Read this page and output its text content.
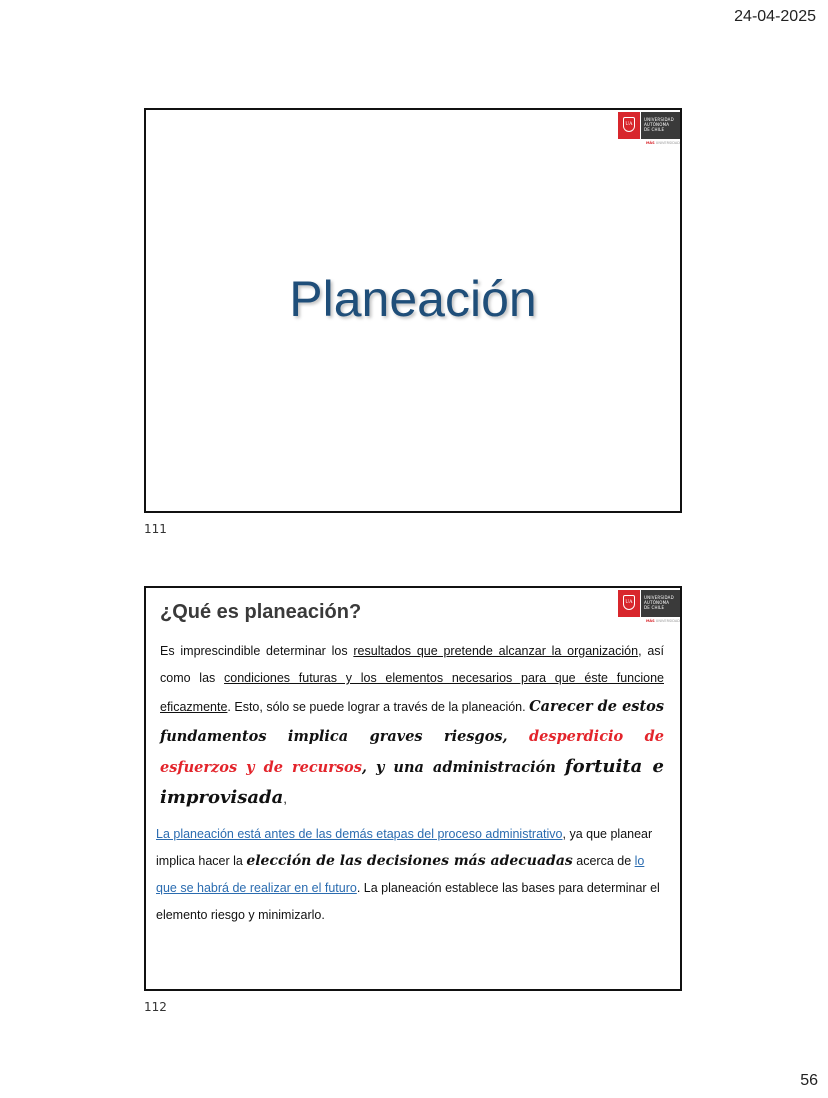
24-04-2025
UA
UNIVERSIDAD
AUTÓNOMA
DE CHILE
MÁS UNIVERSIDAD
Planeación
111
UA
UNIVERSIDAD
AUTÓNOMA
DE CHILE
MÁS UNIVERSIDAD
¿Qué es planeación?
Es imprescindible determinar los resultados que pretende alcanzar la organización, así como las condiciones futuras y los elementos necesarios para que éste funcione eficazmente. Esto, sólo se puede lograr a través de la planeación. Carecer de estos fundamentos implica graves riesgos, desperdicio de esfuerzos y de recursos, y una administración fortuita e improvisada,
La planeación está antes de las demás etapas del proceso administrativo, ya que planear implica hacer la elección de las decisiones más adecuadas acerca de lo que se habrá de realizar en el futuro. La planeación establece las bases para determinar el elemento riesgo y minimizarlo.
112
56
